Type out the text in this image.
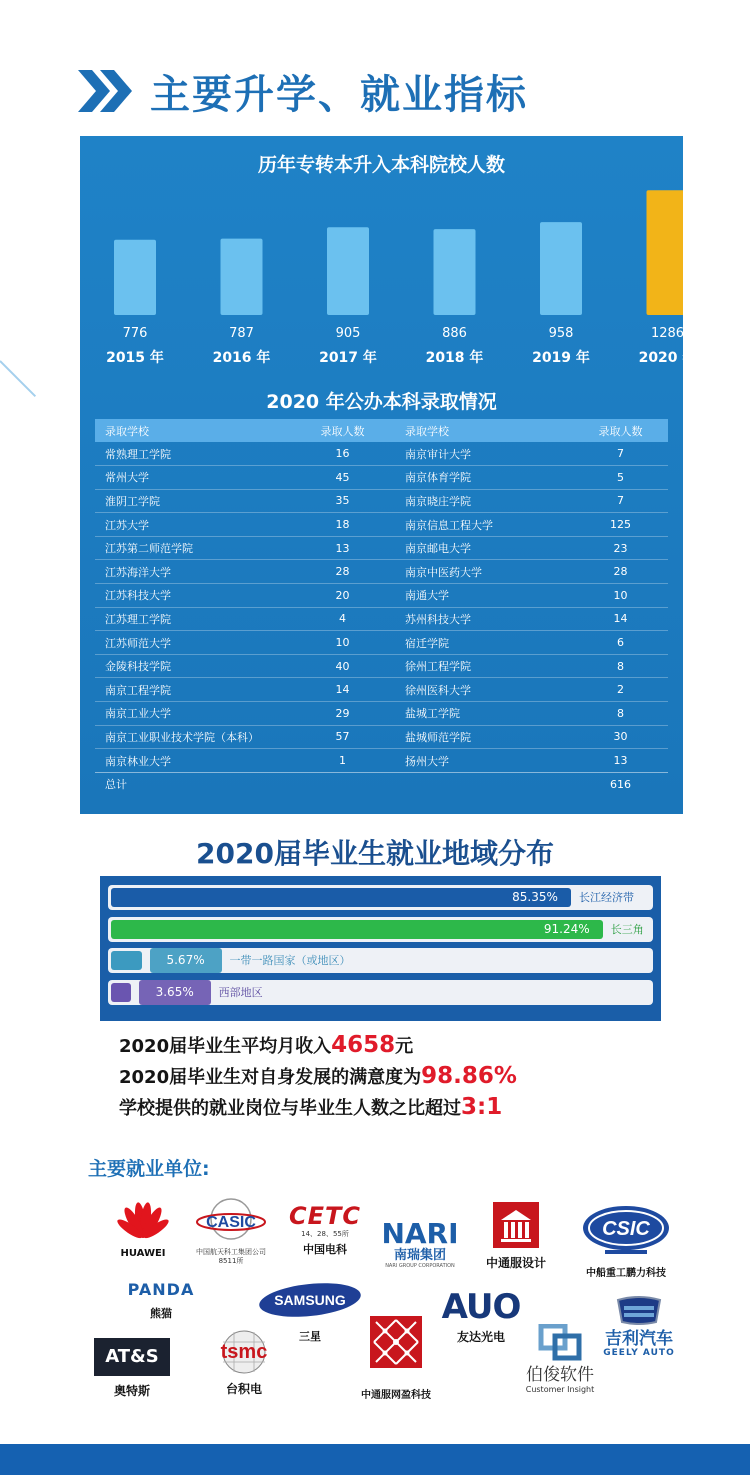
主要升学、就业指标
历年专转本升入本科院校人数
776
2015 年
787
2016 年
905
2017 年
886
2018 年
958
2019 年
1286
2020 年
2020 年公办本科录取情况
录取学校	录取人数	录取学校	录取人数
常熟理工学院	16	南京审计大学	7
常州大学	45	南京体育学院	5
淮阴工学院	35	南京晓庄学院	7
江苏大学	18	南京信息工程大学	125
江苏第二师范学院	13	南京邮电大学	23
江苏海洋大学	28	南京中医药大学	28
江苏科技大学	20	南通大学	10
江苏理工学院	4	苏州科技大学	14
江苏师范大学	10	宿迁学院	6
金陵科技学院	40	徐州工程学院	8
南京工程学院	14	徐州医科大学	2
南京工业大学	29	盐城工学院	8
南京工业职业技术学院（本科）	57	盐城师范学院	30
南京林业大学	1	扬州大学	13
总计			616
2020届毕业生就业地域分布
85.35%	长江经济带
91.24%	长三角
5.67%	一带一路国家（或地区）
3.65%	西部地区
2020届毕业生平均月收入 4658 元
2020届毕业生对自身发展的满意度为 98.86%
学校提供的就业岗位与毕业生人数之比超过 3:1
主要就业单位:
HUAWEI
CASIC
中国航天科工集团公司
8511所
CETC
14、28、55所
中国电科	NARI
南瑞集团
NARI GROUP CORPORATION	中通服设计
CSIC
中船重工鹏力科技
PANDA
熊猫
SAMSUNG
三星
AUO
友达光电	吉利汽车
GEELY AUTO
AT&S
奥特斯
tsmc
台积电	中通服网盈科技
伯俊软件
Customer Insight
